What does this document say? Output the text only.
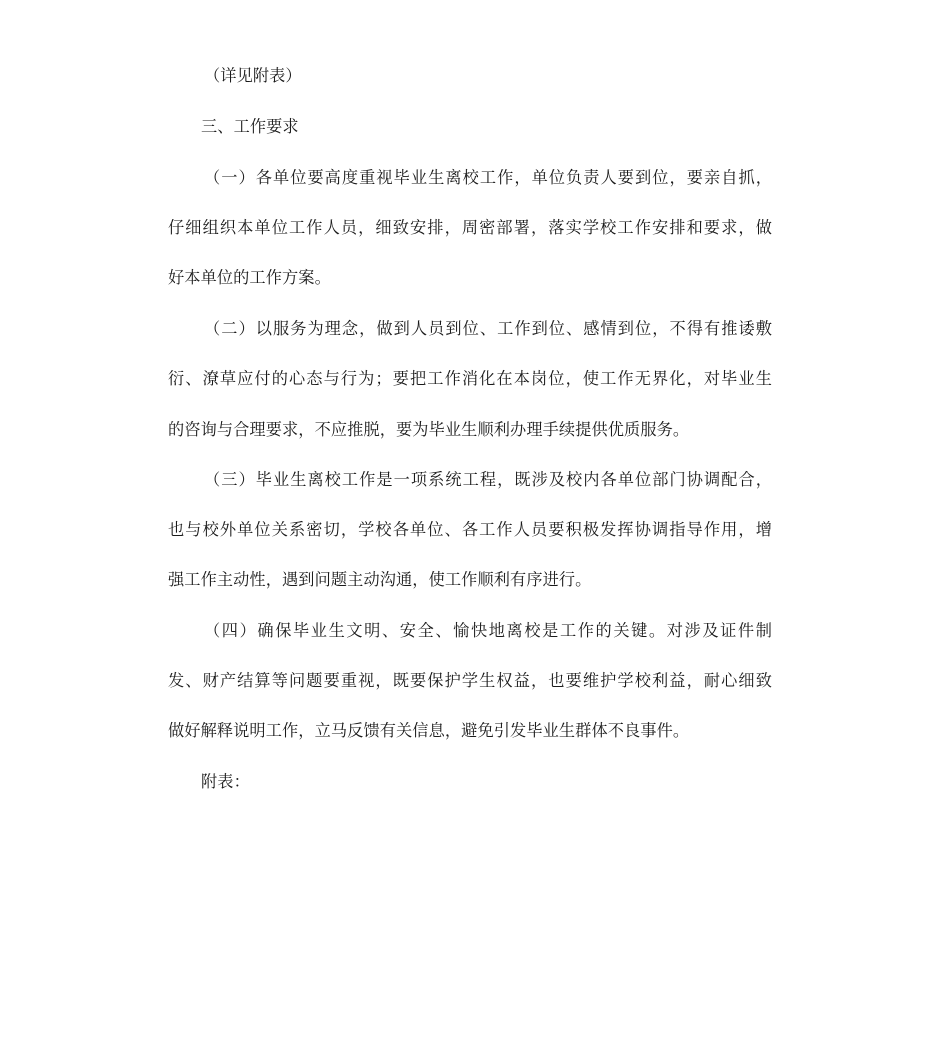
（详见附表）
三、工作要求
（一）各单位要高度重视毕业生离校工作，单位负责人要到位，要亲自抓，
仔细组织本单位工作人员，细致安排，周密部署，落实学校工作安排和要求，做
好本单位的工作方案。
（二）以服务为理念，做到人员到位、工作到位、感情到位，不得有推诿敷
衍、潦草应付的心态与行为；要把工作消化在本岗位，使工作无界化，对毕业生
的咨询与合理要求，不应推脱，要为毕业生顺利办理手续提供优质服务。
（三）毕业生离校工作是一项系统工程，既涉及校内各单位部门协调配合，
也与校外单位关系密切，学校各单位、各工作人员要积极发挥协调指导作用，增
强工作主动性，遇到问题主动沟通，使工作顺利有序进行。
（四）确保毕业生文明、安全、愉快地离校是工作的关键。对涉及证件制
发、财产结算等问题要重视，既要保护学生权益，也要维护学校利益，耐心细致
做好解释说明工作，立马反馈有关信息，避免引发毕业生群体不良事件。
附表：
